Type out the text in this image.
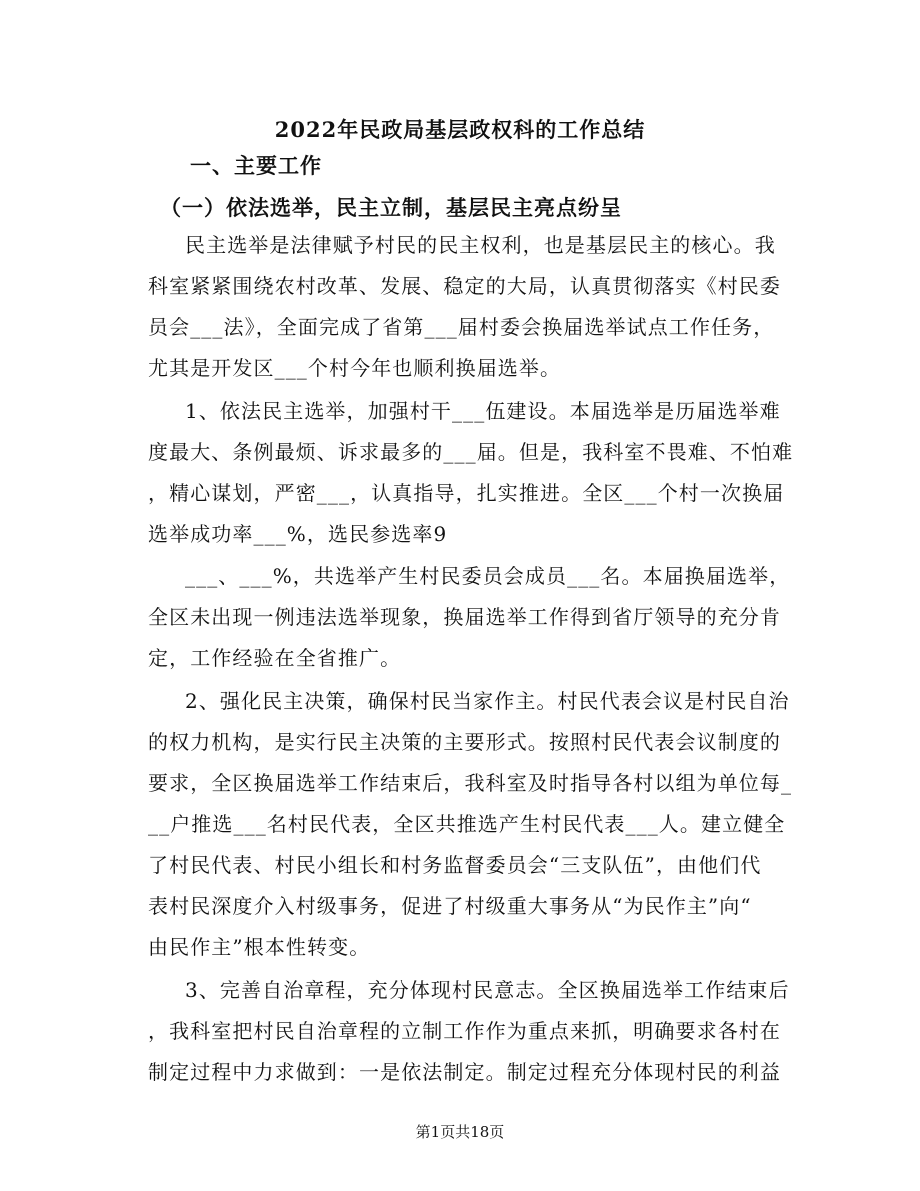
2022年民政局基层政权科的工作总结
一、主要工作
（一）依法选举，民主立制，基层民主亮点纷呈
民主选举是法律赋予村民的民主权利，也是基层民主的核心。我
科室紧紧围绕农村改革、发展、稳定的大局，认真贯彻落实《村民委
员会___法》，全面完成了省第___届村委会换届选举试点工作任务，
尤其是开发区___个村今年也顺利换届选举。
1、依法民主选举，加强村干___伍建设。本届选举是历届选举难
度最大、条例最烦、诉求最多的___届。但是，我科室不畏难、不怕难
，精心谋划，严密___，认真指导，扎实推进。全区___个村一次换届
选举成功率___%，选民参选率9
___、___%，共选举产生村民委员会成员___名。本届换届选举，
全区未出现一例违法选举现象，换届选举工作得到省厅领导的充分肯
定，工作经验在全省推广。
2、强化民主决策，确保村民当家作主。村民代表会议是村民自治
的权力机构，是实行民主决策的主要形式。按照村民代表会议制度的
要求，全区换届选举工作结束后，我科室及时指导各村以组为单位每_
__户推选___名村民代表，全区共推选产生村民代表___人。建立健全
了村民代表、村民小组长和村务监督委员会“三支队伍”，由他们代
表村民深度介入村级事务，促进了村级重大事务从“为民作主”向“
由民作主”根本性转变。
3、完善自治章程，充分体现村民意志。全区换届选举工作结束后
，我科室把村民自治章程的立制工作作为重点来抓，明确要求各村在
制定过程中力求做到：一是依法制定。制定过程充分体现村民的利益
第1页共18页
